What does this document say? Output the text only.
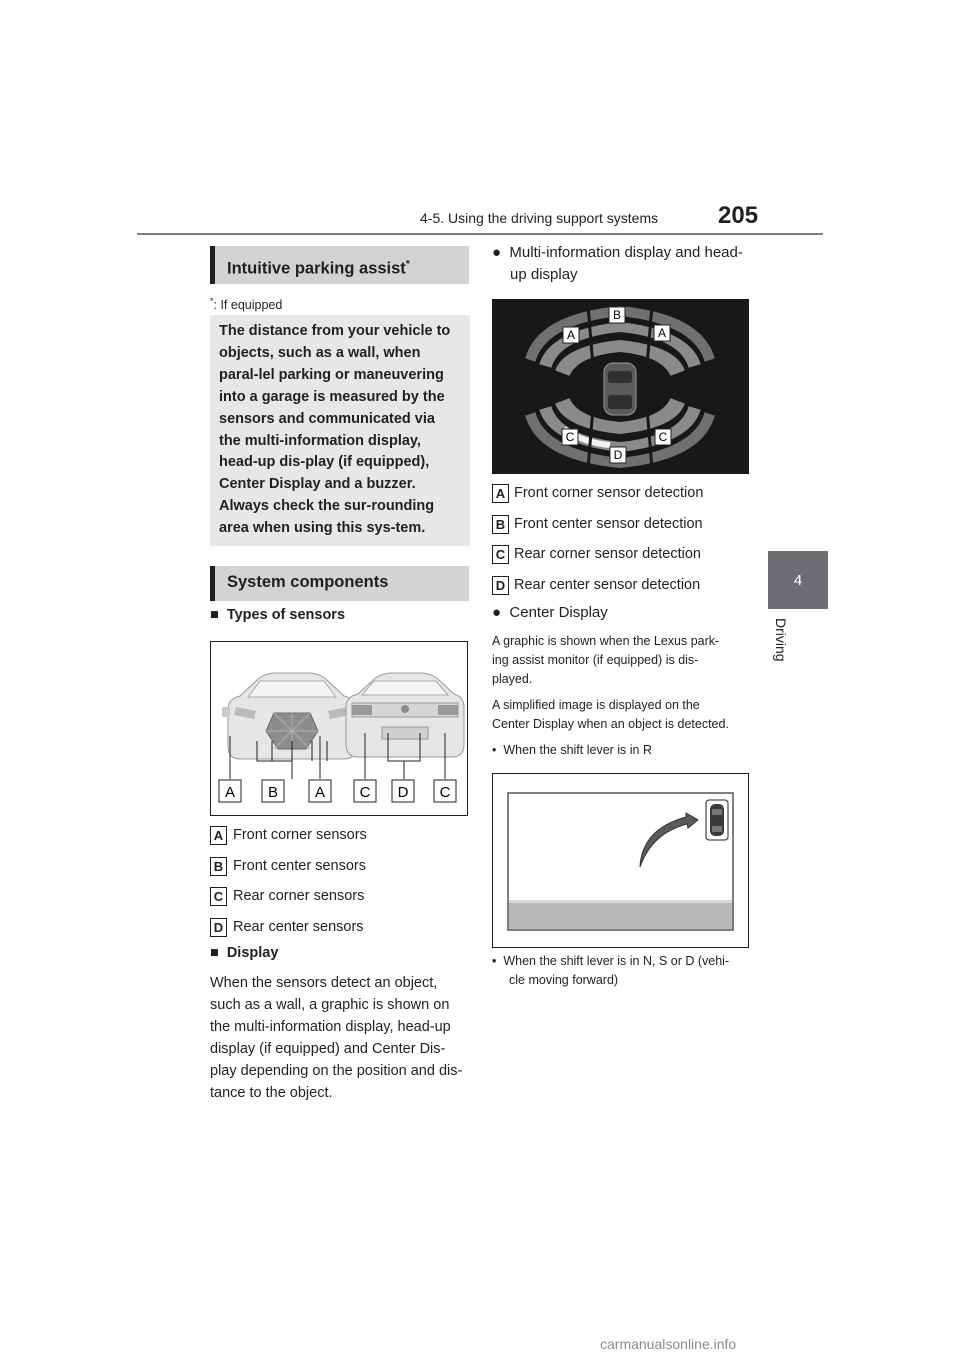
4-5. Using the driving support systems 205
4
Driving
Intuitive parking assist*
*: If equipped
The distance from your vehicle to objects, such as a wall, when paral-lel parking or maneuvering into a garage is measured by the sensors and communicated via the multi-information display, head-up dis-play (if equipped), Center Display and a buzzer. Always check the sur-rounding area when using this sys-tem.
System components
■ Types of sensors
A B A C D C
A Front corner sensors
B Front center sensors
C Rear corner sensors
D Rear center sensors
■ Display
When the sensors detect an object,
such as a wall, a graphic is shown on
the multi-information display, head-up
display (if equipped) and Center Dis-
play depending on the position and dis-
tance to the object.
● Multi-information display and head-
up display
B
A	A
C	C
D
A Front corner sensor detection
B Front center sensor detection
C Rear corner sensor detection
D Rear center sensor detection
● Center Display
A graphic is shown when the Lexus park-
ing assist monitor (if equipped) is dis-
played.
A simplified image is displayed on the
Center Display when an object is detected.
• When the shift lever is in R
• When the shift lever is in N, S or D (vehi-
cle moving forward)
carmanualsonline.info
